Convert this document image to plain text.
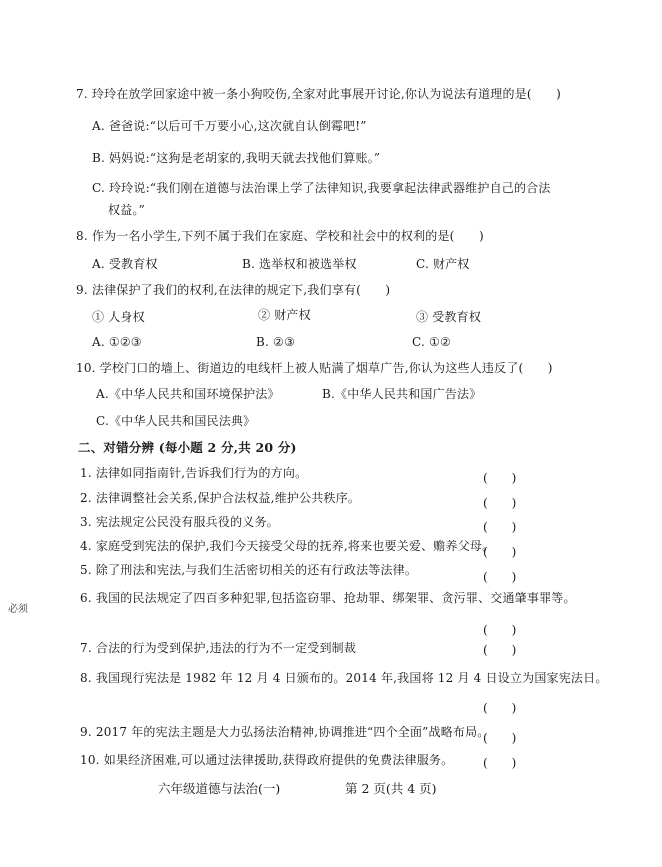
7. 玲玲在放学回家途中被一条小狗咬伤,全家对此事展开讨论,你认为说法有道理的是(　　)
A. 爸爸说:“以后可千万要小心,这次就自认倒霉吧!”
B. 妈妈说:“这狗是老胡家的,我明天就去找他们算账。”
C. 玲玲说:“我们刚在道德与法治课上学了法律知识,我要拿起法律武器维护自己的合法
权益。”
8. 作为一名小学生,下列不属于我们在家庭、学校和社会中的权利的是(　　)
A. 受教育权	B. 选举权和被选举权	C. 财产权
9. 法律保护了我们的权利,在法律的规定下,我们享有(　　)
① 人身权	② 财产权	③ 受教育权
A. ①②③	B. ②③	C. ①②
10. 学校门口的墙上、街道边的电线杆上被人贴满了烟草广告,你认为这些人违反了(　　)
A.《中华人民共和国环境保护法》	B.《中华人民共和国广告法》
C.《中华人民共和国民法典》
二、对错分辨 (每小题 2 分,共 20 分)
1. 法律如同指南针,告诉我们行为的方向。	(　　)
2. 法律调整社会关系,保护合法权益,维护公共秩序。	(　　)
3. 宪法规定公民没有服兵役的义务。	(　　)
4. 家庭受到宪法的保护,我们今天接受父母的抚养,将来也要关爱、赡养父母。
(　　)
5. 除了刑法和宪法,与我们生活密切相关的还有行政法等法律。	(　　)
6. 我国的民法规定了四百多种犯罪,包括盗窃罪、抢劫罪、绑架罪、贪污罪、交通肇事罪等。
(　　)
必须
7. 合法的行为受到保护,违法的行为不一定受到制裁	(　　)
8. 我国现行宪法是 1982 年 12 月 4 日颁布的。2014 年,我国将 12 月 4 日设立为国家宪法日。
(　　)
9. 2017 年的宪法主题是大力弘扬法治精神,协调推进“四个全面”战略布局。
(　　)
10. 如果经济困难,可以通过法律援助,获得政府提供的免费法律服务。 (　　)
六年级道德与法治(一)	第 2 页(共 4 页)
